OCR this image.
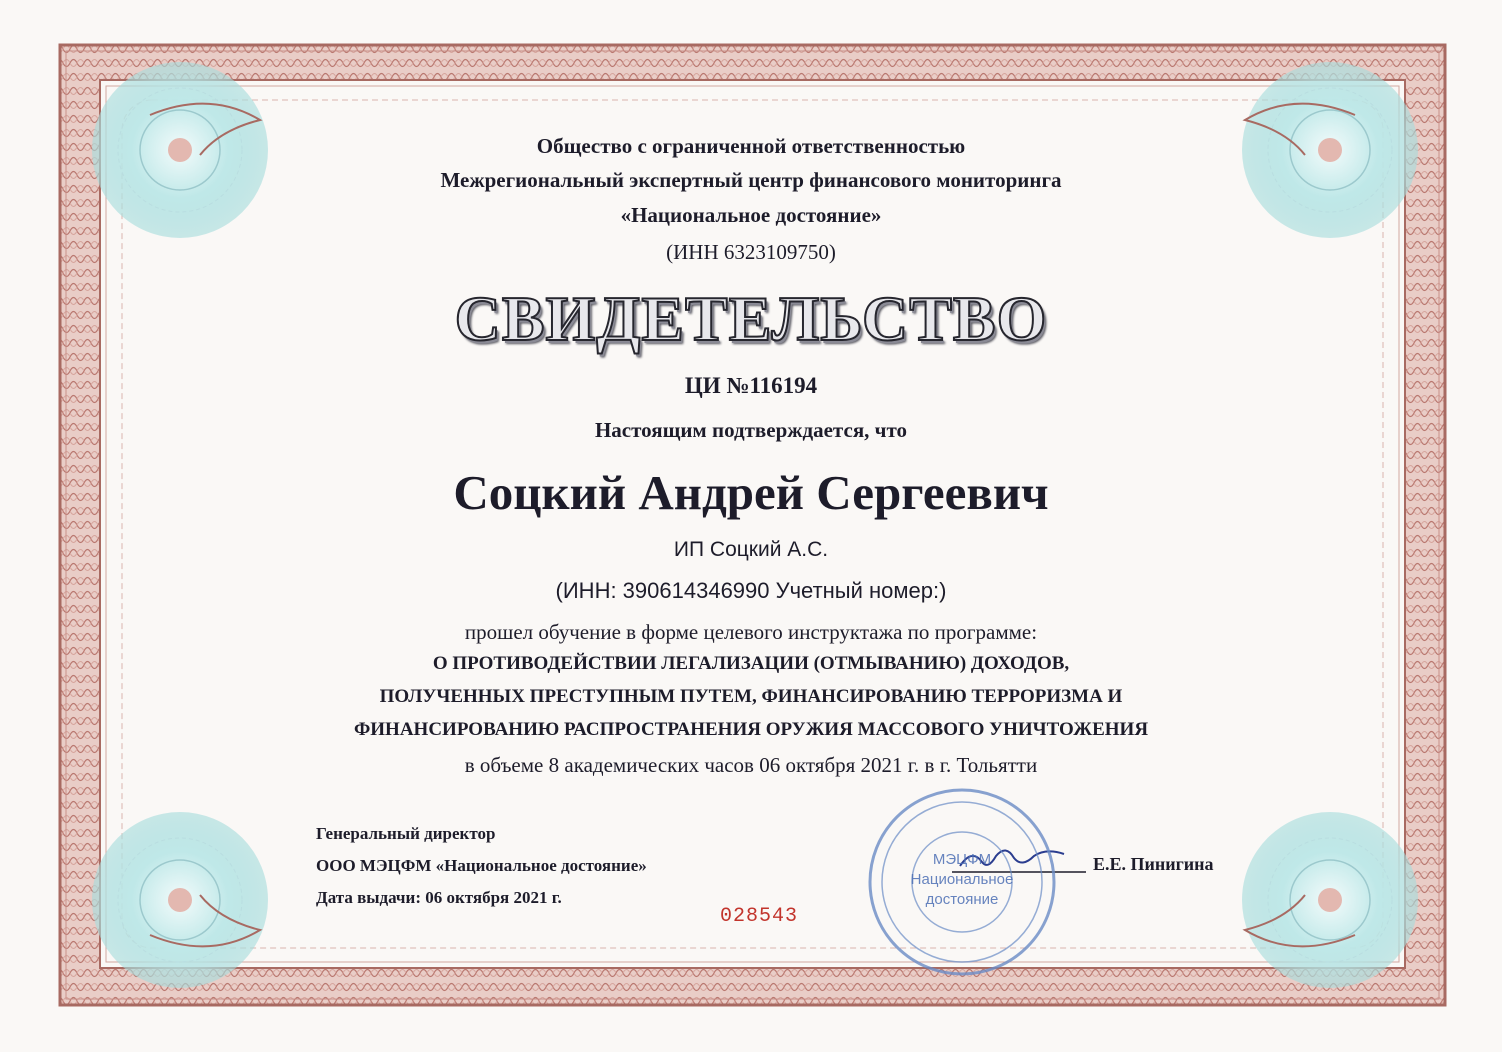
МЭЦФМ
Национальное
достояние
Общество с ограниченной ответственностью
Межрегиональный экспертный центр финансового мониторинга
«Национальное достояние»
(ИНН 6323109750)
СВИДЕТЕЛЬСТВО
ЦИ №116194
Настоящим подтверждается, что
Соцкий Андрей Сергеевич
ИП Соцкий А.С.
(ИНН: 390614346990 Учетный номер:)
прошел обучение в форме целевого инструктажа по программе:
О ПРОТИВОДЕЙСТВИИ ЛЕГАЛИЗАЦИИ (ОТМЫВАНИЮ) ДОХОДОВ,
ПОЛУЧЕННЫХ ПРЕСТУПНЫМ ПУТЕМ, ФИНАНСИРОВАНИЮ ТЕРРОРИЗМА И
ФИНАНСИРОВАНИЮ РАСПРОСТРАНЕНИЯ ОРУЖИЯ МАССОВОГО УНИЧТОЖЕНИЯ
в объеме 8 академических часов 06 октября 2021 г. в г. Тольятти
Генеральный директор
ООО МЭЦФМ «Национальное достояние»
Дата выдачи: 06 октября 2021 г.
028543
Е.Е. Пинигина
